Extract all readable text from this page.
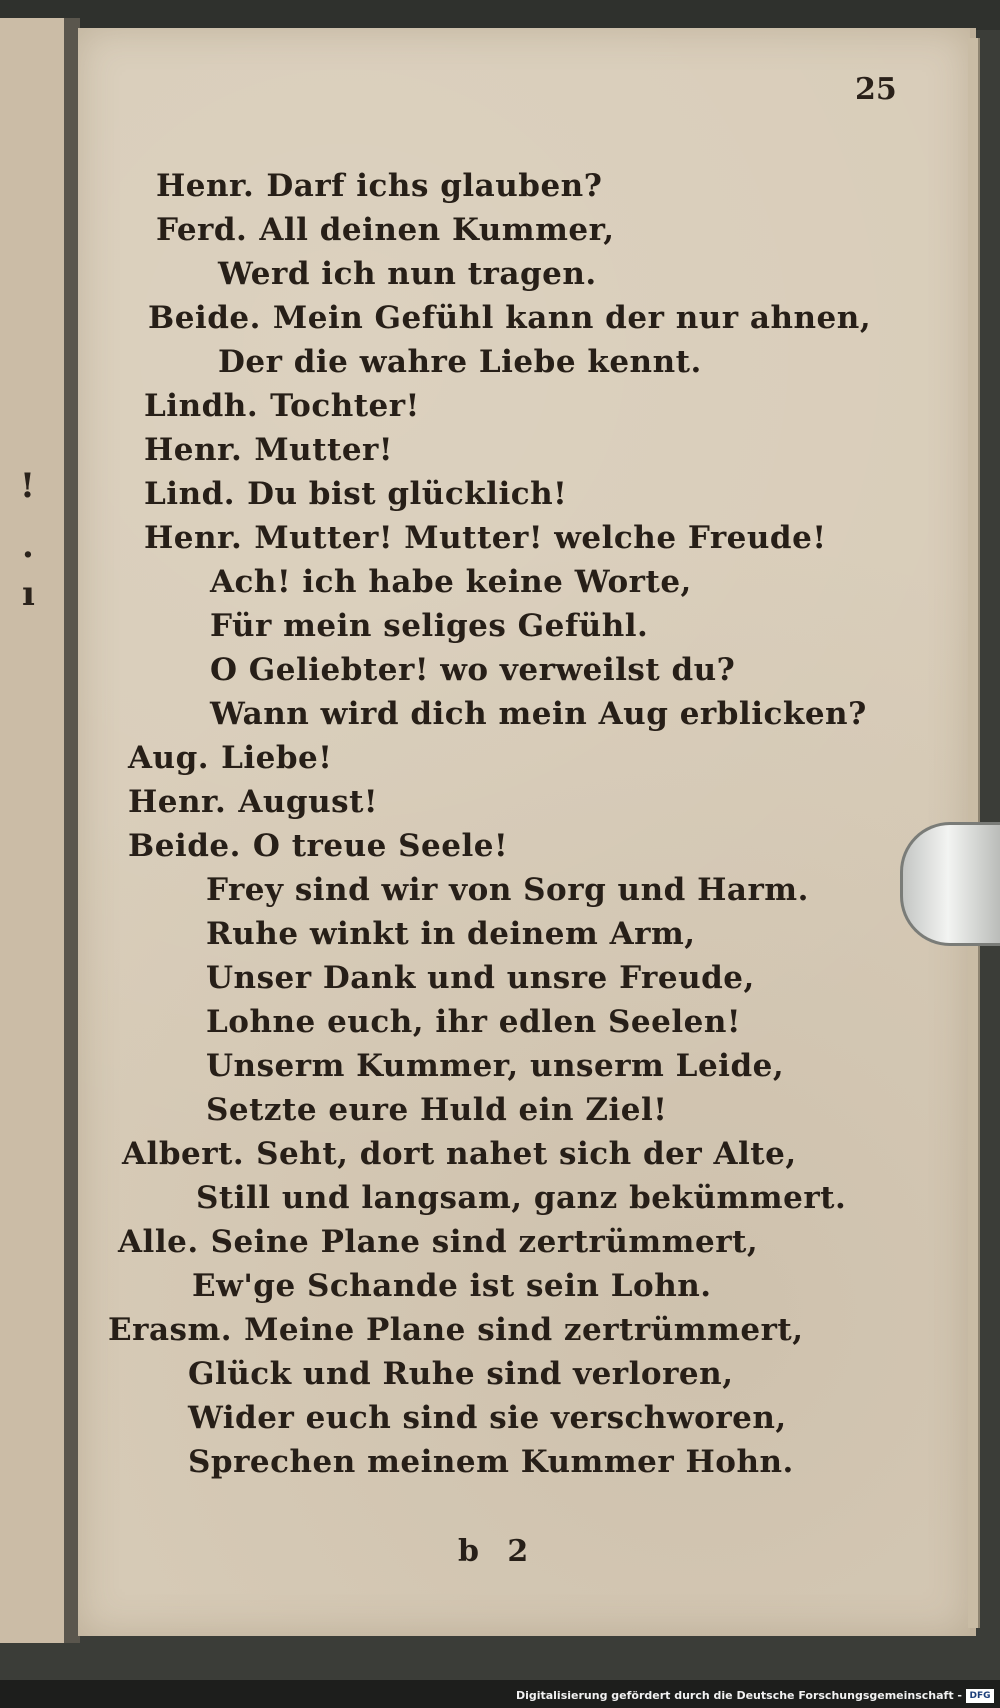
!
.
ı
25
Henr. Darf ichs glauben?
Ferd. All deinen Kummer,
Werd ich nun tragen.
Beide. Mein Gefühl kann der nur ahnen,
Der die wahre Liebe kennt.
Lindh. Tochter!
Henr. Mutter!
Lind. Du bist glücklich!
Henr. Mutter! Mutter! welche Freude!
Ach! ich habe keine Worte,
Für mein seliges Gefühl.
O Geliebter! wo verweilst du?
Wann wird dich mein Aug erblicken?
Aug. Liebe!
Henr. August!
Beide. O treue Seele!
Frey sind wir von Sorg und Harm.
Ruhe winkt in deinem Arm,
Unser Dank und unsre Freude,
Lohne euch, ihr edlen Seelen!
Unserm Kummer, unserm Leide,
Setzte eure Huld ein Ziel!
Albert. Seht, dort nahet sich der Alte,
Still und langsam, ganz bekümmert.
Alle. Seine Plane sind zertrümmert,
Ew'ge Schande ist sein Lohn.
Erasm. Meine Plane sind zertrümmert,
Glück und Ruhe sind verloren,
Wider euch sind sie verschworen,
Sprechen meinem Kummer Hohn.
b 2
Digitalisierung gefördert durch die Deutsche Forschungsgemeinschaft - DFG
